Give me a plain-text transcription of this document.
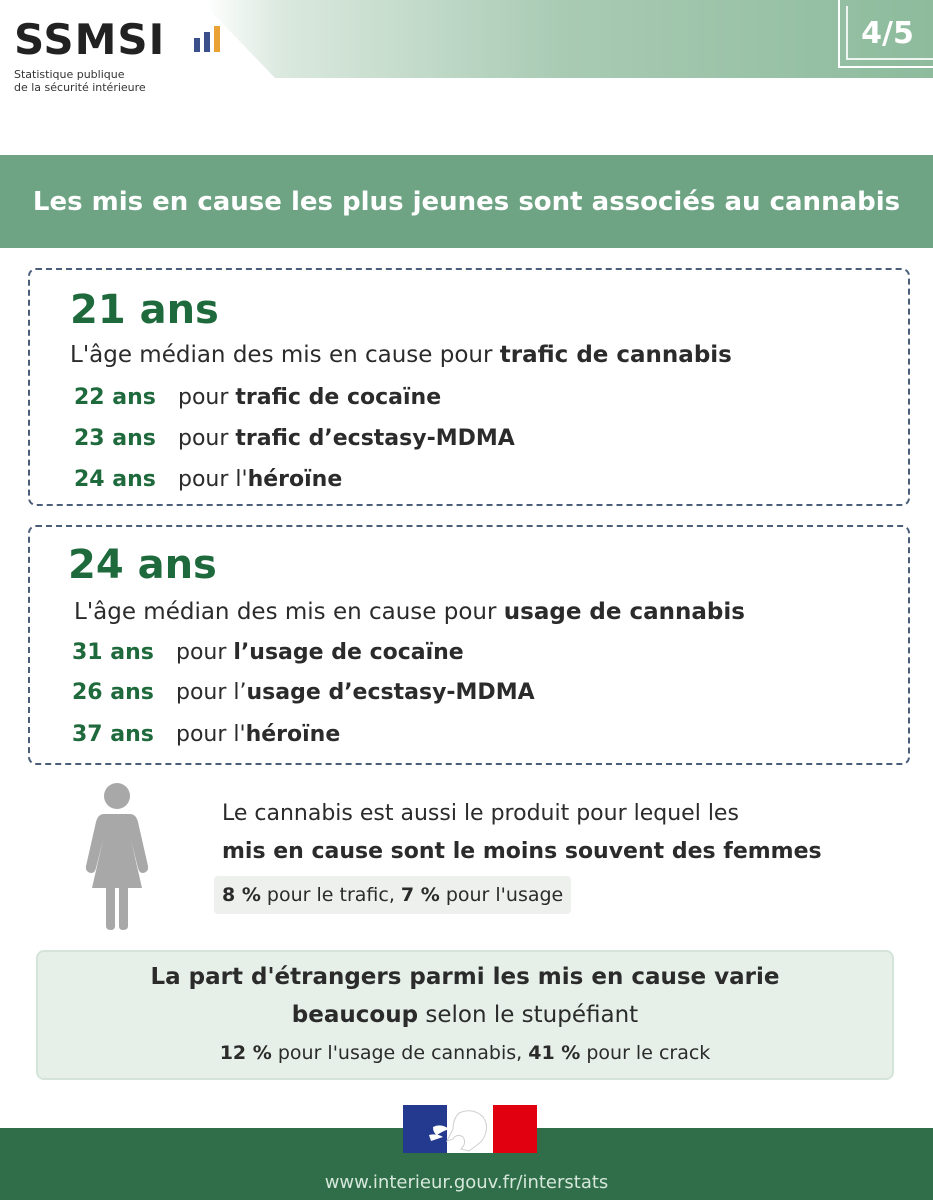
SSMSI
Statistique publique
de la sécurité intérieure
4/5
Les mis en cause les plus jeunes sont associés au cannabis
21 ans
L'âge médian des mis en cause pour trafic de cannabis
22 ans pour trafic de cocaïne
23 ans pour trafic d’ecstasy-MDMA
24 ans pour l'héroïne
24 ans
L'âge médian des mis en cause pour usage de cannabis
31 ans pour l’usage de cocaïne
26 ans pour l’usage d’ecstasy-MDMA
37 ans pour l'héroïne
Le cannabis est aussi le produit pour lequel les
mis en cause sont le moins souvent des femmes
8 % pour le trafic, 7 % pour l'usage
La part d'étrangers parmi les mis en cause varie
beaucoup selon le stupéfiant
12 % pour l'usage de cannabis, 41 % pour le crack
www.interieur.gouv.fr/interstats
